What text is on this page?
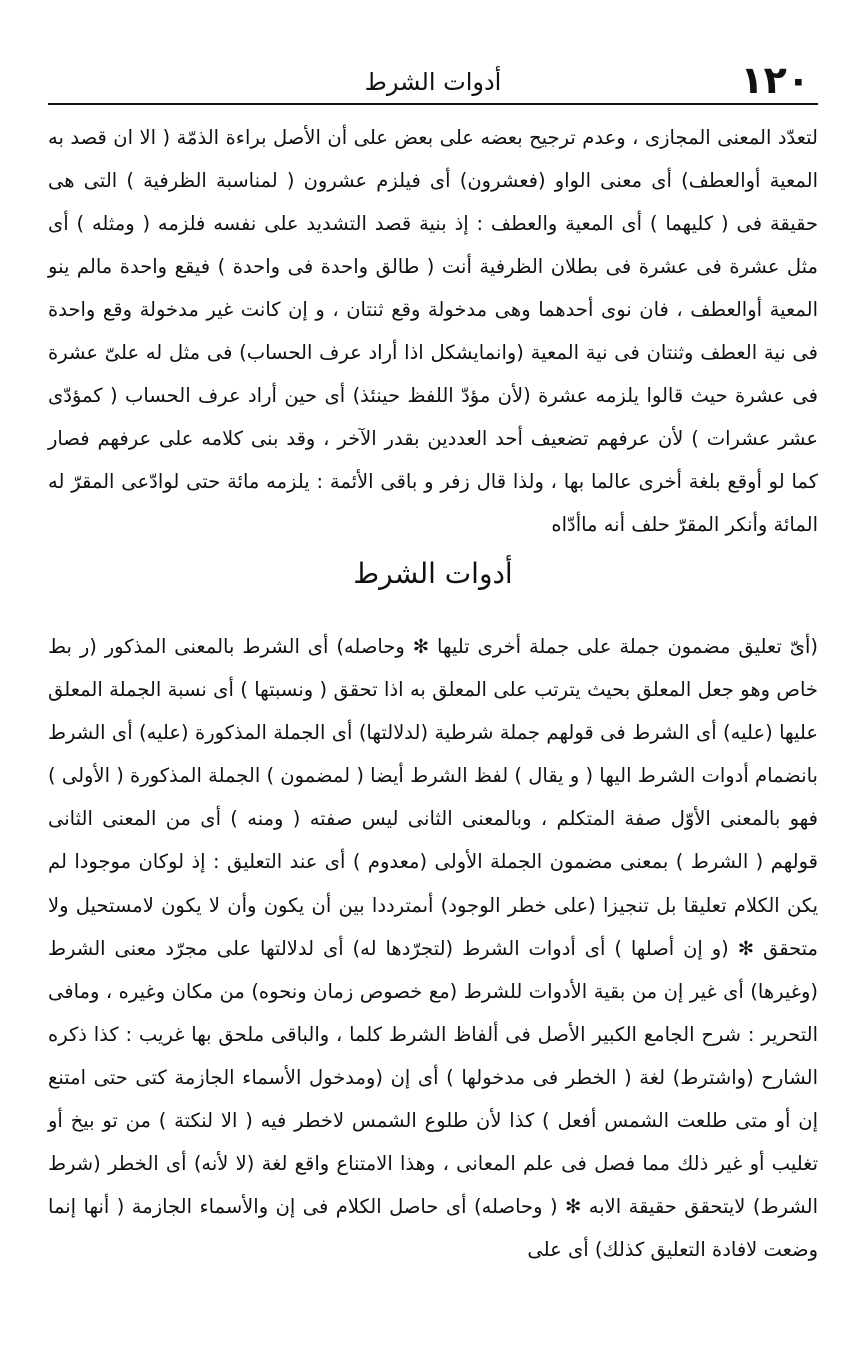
١٢٠
أدوات الشرط
لتعدّد المعنى المجازى ، وعدم ترجيح بعضه على بعض على أن الأصل براءة الذمّة ( الا ان قصد به المعية أوالعطف) أى معنى الواو (فعشرون) أى فيلزم عشرون ( لمناسبة الظرفية ) التى هى حقيقة فى ( كليهما ) أى المعية والعطف : إذ بنية قصد التشديد على نفسه فلزمه ( ومثله ) أى مثل عشرة فى عشرة فى بطلان الظرفية أنت ( طالق واحدة فى واحدة ) فيقع واحدة مالم ينو المعية أوالعطف ، فان نوى أحدهما وهى مدخولة وقع ثنتان ، و إن كانت غير مدخولة وقع واحدة فى نية العطف وثنتان فى نية المعية (وانمايشكل اذا أراد عرف الحساب) فى مثل له علىّ عشرة فى عشرة حيث قالوا يلزمه عشرة (لأن مؤدّ اللفظ حينئذ) أى حين أراد عرف الحساب ( كمؤدّى عشر عشرات ) لأن عرفهم تضعيف أحد العددين بقدر الآخر ، وقد بنى كلامه على عرفهم فصار كما لو أوقع بلغة أخرى عالما بها ، ولذا قال زفر و باقى الأئمة : يلزمه مائة حتى لوادّعى المقرّ له المائة وأنكر المقرّ حلف أنه ماأدّاه
أدوات الشرط
(أىّ تعليق مضمون جملة على جملة أخرى تليها ✻ وحاصله) أى الشرط بالمعنى المذكور (ر بط خاص وهو جعل المعلق بحيث يترتب على المعلق به اذا تحقق ( ونسبتها ) أى نسبة الجملة المعلق عليها (عليه) أى الشرط فى قولهم جملة شرطية (لدلالتها) أى الجملة المذكورة (عليه) أى الشرط بانضمام أدوات الشرط اليها ( و يقال ) لفظ الشرط أيضا ( لمضمون ) الجملة المذكورة ( الأولى ) فهو بالمعنى الأوّل صفة المتكلم ، وبالمعنى الثانى ليس صفته ( ومنه ) أى من المعنى الثانى قولهم ( الشرط ) بمعنى مضمون الجملة الأولى (معدوم ) أى عند التعليق : إذ لوكان موجودا لم يكن الكلام تعليقا بل تنجيزا (على خطر الوجود) أىمترددا بين أن يكون وأن لا يكون لامستحيل ولا متحقق ✻ (و إن أصلها ) أى أدوات الشرط (لتجرّدها له) أى لدلالتها على مجرّد معنى الشرط (وغيرها) أى غير إن من بقية الأدوات للشرط (مع خصوص زمان ونحوه) من مكان وغيره ، ومافى التحرير : شرح الجامع الكبير الأصل فى ألفاظ الشرط كلما ، والباقى ملحق بها غريب : كذا ذكره الشارح (واشترط) لغة ( الخطر فى مدخولها ) أى إن (ومدخول الأسماء الجازمة كتى حتى امتنع إن أو متى طلعت الشمس أفعل ) كذا لأن طلوع الشمس لاخطر فيه ( الا لنكتة ) من تو بيخ أو تغليب أو غير ذلك مما فصل فى علم المعانى ، وهذا الامتناع واقع لغة (لا لأنه) أى الخطر (شرط الشرط) لايتحقق حقيقة الابه ✻ ( وحاصله) أى حاصل الكلام فى إن والأسماء الجازمة ( أنها إنما وضعت لافادة التعليق كذلك) أى على
